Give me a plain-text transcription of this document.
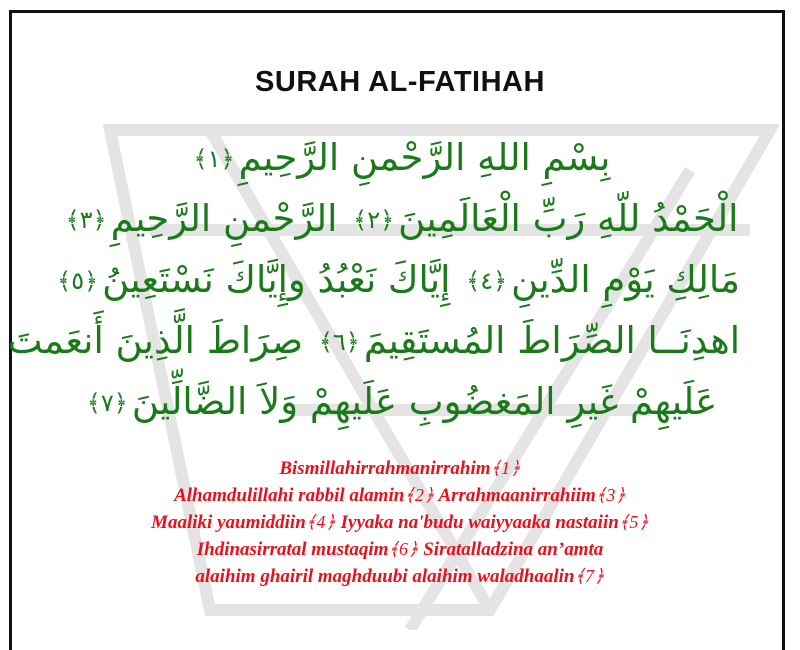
SURAH AL-FATIHAH
بِسْمِ اللهِ الرَّحْمنِ الرَّحِيمِ﴿ ١ ﴾
الْحَمْدُ للّهِ رَبِّ الْعَالَمِينَ﴿ ٢ ﴾ الرَّحْمنِ الرَّحِيمِ﴿ ٣ ﴾
مَالِكِ يَوْمِ الدِّينِ﴿ ٤ ﴾ إِيَّاكَ نَعْبُدُ وإِيَّاكَ نَسْتَعِينُ﴿ ٥ ﴾
اهدِنَــا الصِّرَاطَ المُستَقِيمَ﴿ ٦ ﴾ صِرَاطَ الَّذِينَ أَنعَمتَ
عَلَيهِمْ غَيرِ المَغضُوبِ عَلَيهِمْ وَلاَ الضَّالِّينَ﴿ ٧ ﴾
Bismillahirrahmanirrahim ﴾ 1 ﴿
Alhamdulillahi rabbil alamin ﴾ 2 ﴿ Arrahmaanirrahiim ﴾ 3 ﴿
Maaliki yaumiddiin ﴾ 4 ﴿ Iyyaka na'budu waiyyaaka nastaiin ﴾ 5 ﴿
Ihdinasirratal mustaqim ﴾ 6 ﴿ Siratalladzina an’amta
alaihim ghairil maghduubi alaihim waladhaalin ﴾ 7 ﴿
